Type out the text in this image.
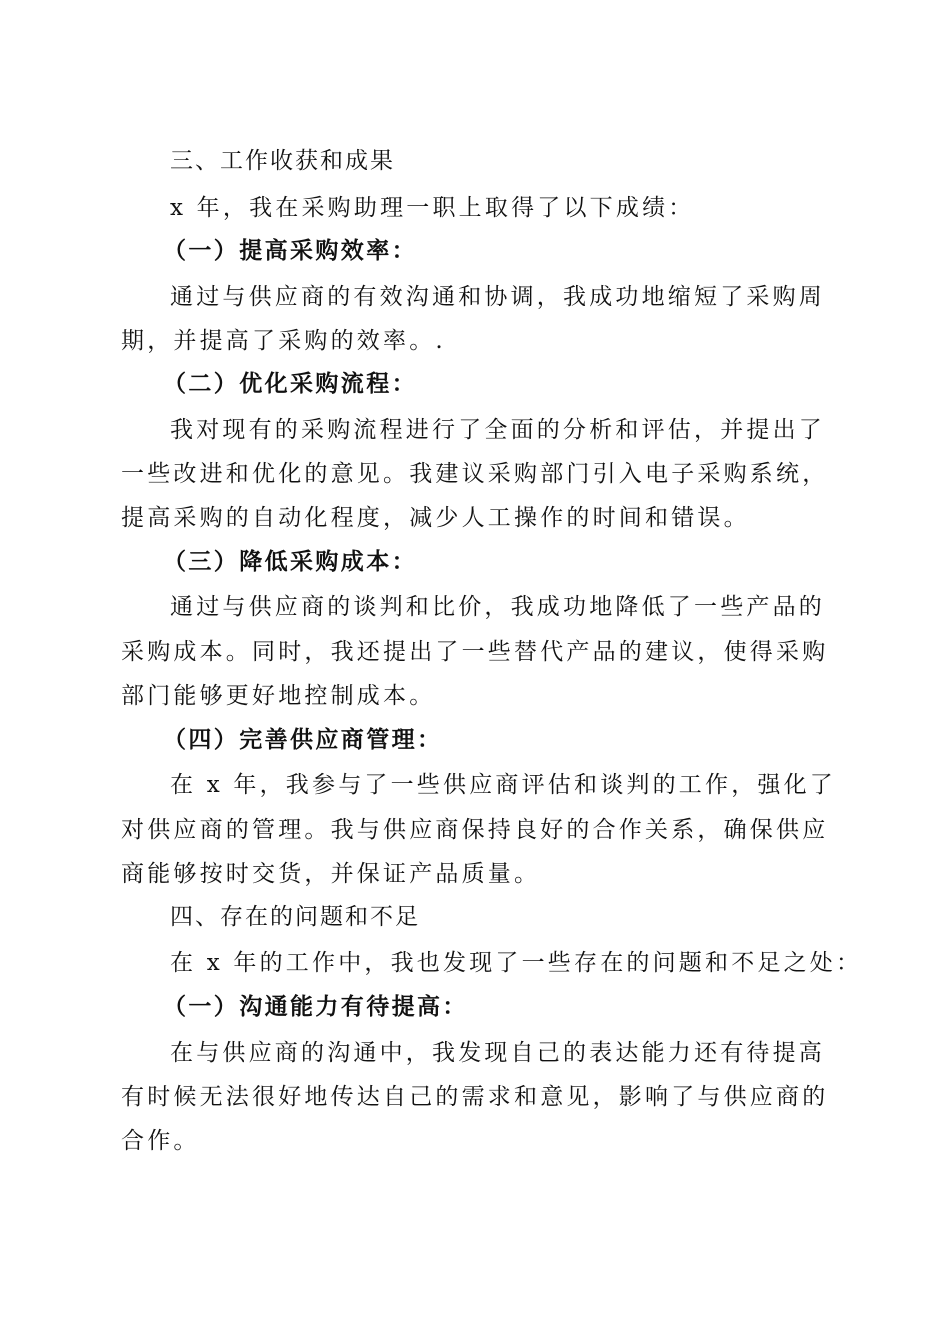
三、工作收获和成果
x 年，我在采购助理一职上取得了以下成绩：
（一）提高采购效率：
通过与供应商的有效沟通和协调，我成功地缩短了采购周
期，并提高了采购的效率。.
（二）优化采购流程：
我对现有的采购流程进行了全面的分析和评估，并提出了
一些改进和优化的意见。我建议采购部门引入电子采购系统，
提高采购的自动化程度，减少人工操作的时间和错误。
（三）降低采购成本：
通过与供应商的谈判和比价，我成功地降低了一些产品的
采购成本。同时，我还提出了一些替代产品的建议，使得采购
部门能够更好地控制成本。
（四）完善供应商管理：
在 x 年，我参与了一些供应商评估和谈判的工作，强化了
对供应商的管理。我与供应商保持良好的合作关系，确保供应
商能够按时交货，并保证产品质量。
四、存在的问题和不足
在 x 年的工作中，我也发现了一些存在的问题和不足之处：
（一）沟通能力有待提高：
在与供应商的沟通中，我发现自己的表达能力还有待提高
有时候无法很好地传达自己的需求和意见，影响了与供应商的
合作。
